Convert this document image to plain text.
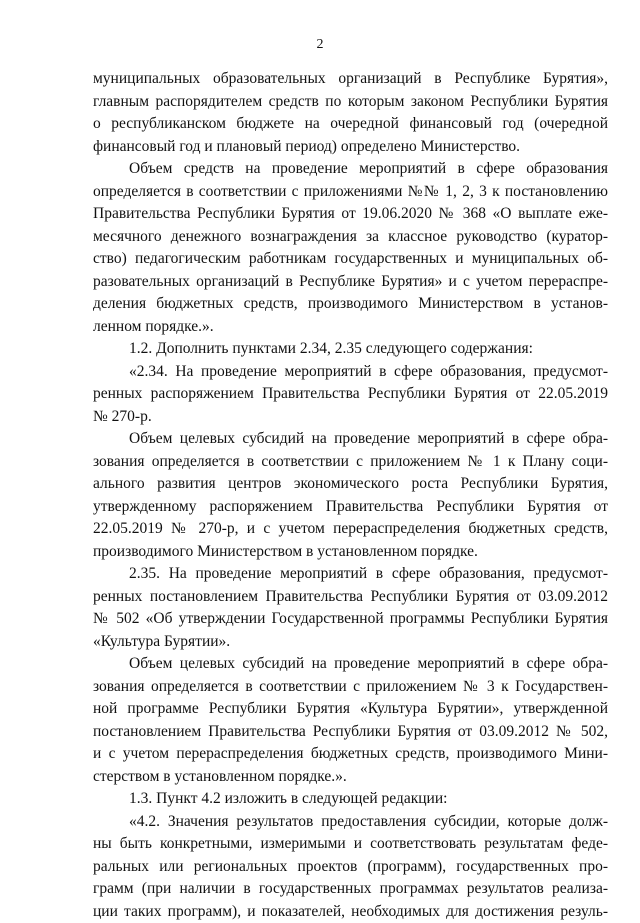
2
муниципальных образовательных организаций в Республике Бурятия»,
главным распорядителем средств по которым законом Республики Бурятия
о республиканском бюджете на очередной финансовый год (очередной
финансовый год и плановый период) определено Министерство.
Объем средств на проведение мероприятий в сфере образования
определяется в соответствии с приложениями №№ 1, 2, 3 к постановлению
Правительства Республики Бурятия от 19.06.2020 № 368 «О выплате еже-
месячного денежного вознаграждения за классное руководство (куратор-
ство) педагогическим работникам государственных и муниципальных об-
разовательных организаций в Республике Бурятия» и с учетом перераспре-
деления бюджетных средств, производимого Министерством в установ-
ленном порядке.».
1.2. Дополнить пунктами 2.34, 2.35 следующего содержания:
«2.34. На проведение мероприятий в сфере образования, предусмот-
ренных распоряжением Правительства Республики Бурятия от 22.05.2019
№ 270-р.
Объем целевых субсидий на проведение мероприятий в сфере обра-
зования определяется в соответствии с приложением № 1 к Плану соци-
ального развития центров экономического роста Республики Бурятия,
утвержденному распоряжением Правительства Республики Бурятия от
22.05.2019 № 270-р, и с учетом перераспределения бюджетных средств,
производимого Министерством в установленном порядке.
2.35. На проведение мероприятий в сфере образования, предусмот-
ренных постановлением Правительства Республики Бурятия от 03.09.2012
№ 502 «Об утверждении Государственной программы Республики Бурятия
«Культура Бурятии».
Объем целевых субсидий на проведение мероприятий в сфере обра-
зования определяется в соответствии с приложением № 3 к Государствен-
ной программе Республики Бурятия «Культура Бурятии», утвержденной
постановлением Правительства Республики Бурятия от 03.09.2012 № 502,
и с учетом перераспределения бюджетных средств, производимого Мини-
стерством в установленном порядке.».
1.3. Пункт 4.2 изложить в следующей редакции:
«4.2. Значения результатов предоставления субсидии, которые долж-
ны быть конкретными, измеримыми и соответствовать результатам феде-
ральных или региональных проектов (программ), государственных про-
грамм (при наличии в государственных программах результатов реализа-
ции таких программ), и показателей, необходимых для достижения резуль-
